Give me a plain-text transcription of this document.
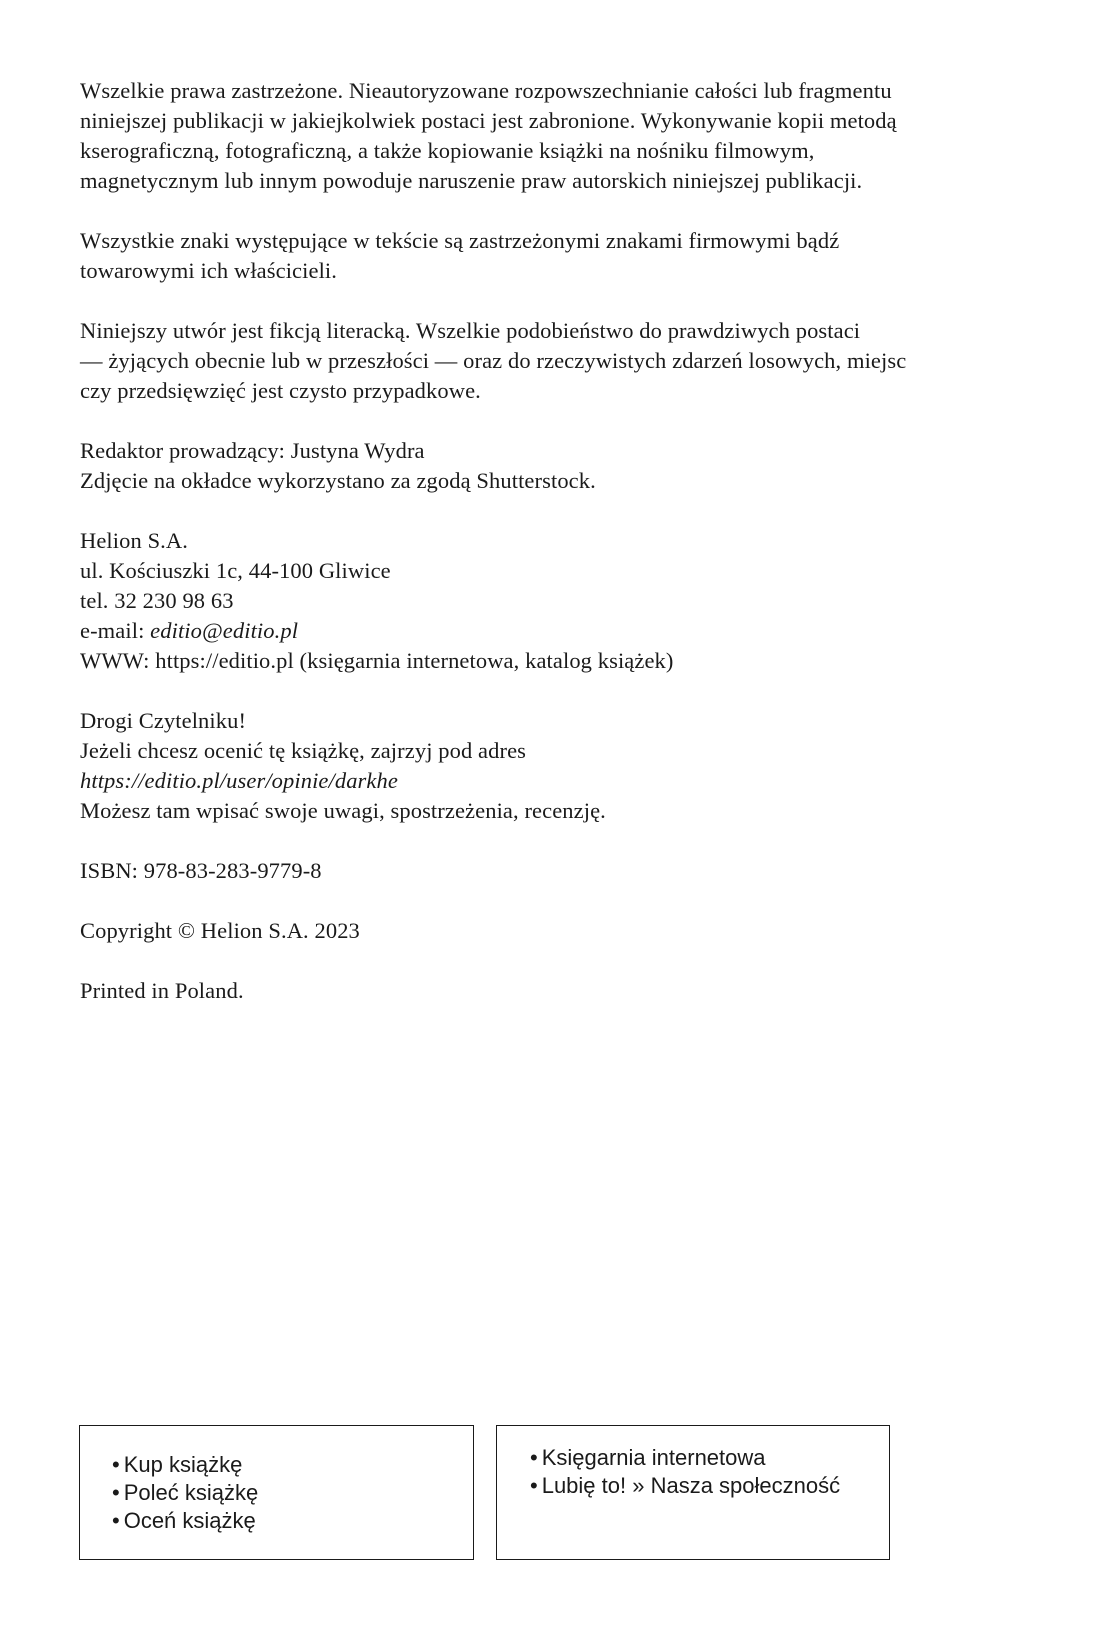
Wszelkie prawa zastrzeżone. Nieautoryzowane rozpowszechnianie całości lub fragmentu
niniejszej publikacji w jakiejkolwiek postaci jest zabronione. Wykonywanie kopii metodą
kserograficzną, fotograficzną, a także kopiowanie książki na nośniku filmowym,
magnetycznym lub innym powoduje naruszenie praw autorskich niniejszej publikacji.

Wszystkie znaki występujące w tekście są zastrzeżonymi znakami firmowymi bądź
towarowymi ich właścicieli.

Niniejszy utwór jest fikcją literacką. Wszelkie podobieństwo do prawdziwych postaci
— żyjących obecnie lub w przeszłości — oraz do rzeczywistych zdarzeń losowych, miejsc
czy przedsięwzięć jest czysto przypadkowe.

Redaktor prowadzący: Justyna Wydra
Zdjęcie na okładce wykorzystano za zgodą Shutterstock.

Helion S.A.
ul. Kościuszki 1c, 44-100 Gliwice
tel. 32 230 98 63
e-mail: editio@editio.pl
WWW: https://editio.pl (księgarnia internetowa, katalog książek)

Drogi Czytelniku!
Jeżeli chcesz ocenić tę książkę, zajrzyj pod adres
https://editio.pl/user/opinie/darkhe
Możesz tam wpisać swoje uwagi, spostrzeżenia, recenzję.

ISBN: 978-83-283-9779-8

Copyright © Helion S.A. 2023

Printed in Poland.

• Kup książkę
• Poleć książkę
• Oceń książkę
• Księgarnia internetowa
• Lubię to! » Nasza społeczność
